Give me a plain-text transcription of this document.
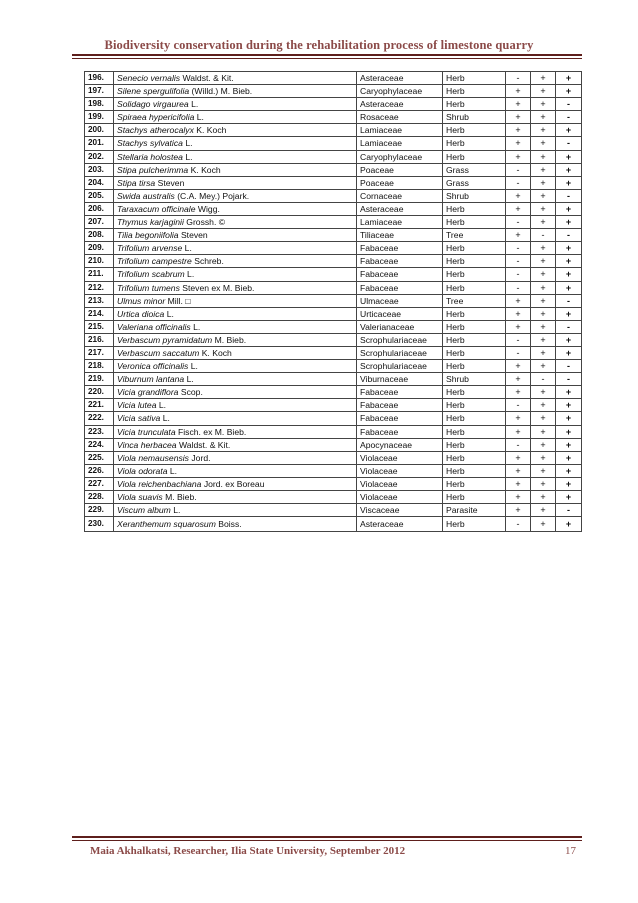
Biodiversity conservation during the rehabilitation process of limestone quarry
196.	Senecio vernalis Waldst. & Kit.	Asteraceae	Herb	-	+	+
197.	Silene spergulifolia (Willd.) M. Bieb.	Caryophylaceae	Herb	+	+	+
198.	Solidago virgaurea L.	Asteraceae	Herb	+	+	-
199.	Spiraea hypericifolia L.	Rosaceae	Shrub	+	+	-
200.	Stachys atherocalyx K. Koch	Lamiaceae	Herb	+	+	+
201.	Stachys sylvatica L.	Lamiaceae	Herb	+	+	-
202.	Stellaria holostea L.	Caryophylaceae	Herb	+	+	+
203.	Stipa pulcherimma K. Koch	Poaceae	Grass	-	+	+
204.	Stipa tirsa Steven	Poaceae	Grass	-	+	+
205.	Swida australis (C.A. Mey.) Pojark.	Cornaceae	Shrub	+	+	-
206.	Taraxacum officinale Wigg.	Asteraceae	Herb	+	+	+
207.	Thymus karjaginii Grossh. ©	Lamiaceae	Herb	-	+	+
208.	Tilia begoniifolia Steven	Tiliaceae	Tree	+	-	-
209.	Trifolium arvense L.	Fabaceae	Herb	-	+	+
210.	Trifolium campestre Schreb.	Fabaceae	Herb	-	+	+
211.	Trifolium scabrum L.	Fabaceae	Herb	-	+	+
212.	Trifolium tumens Steven ex M. Bieb.	Fabaceae	Herb	-	+	+
213.	Ulmus minor Mill. □	Ulmaceae	Tree	+	+	-
214.	Urtica dioica L.	Urticaceae	Herb	+	+	+
215.	Valeriana officinalis L.	Valerianaceae	Herb	+	+	-
216.	Verbascum pyramidatum M. Bieb.	Scrophulariaceae	Herb	-	+	+
217.	Verbascum saccatum K. Koch	Scrophulariaceae	Herb	-	+	+
218.	Veronica officinalis L.	Scrophulariaceae	Herb	+	+	-
219.	Viburnum lantana L.	Viburnaceae	Shrub	+	-	-
220.	Vicia grandiflora Scop.	Fabaceae	Herb	+	+	+
221.	Vicia lutea L.	Fabaceae	Herb	-	+	+
222.	Vicia sativa L.	Fabaceae	Herb	+	+	+
223.	Vicia trunculata Fisch. ex M. Bieb.	Fabaceae	Herb	+	+	+
224.	Vinca herbacea Waldst. & Kit.	Apocynaceae	Herb	-	+	+
225.	Viola nemausensis Jord.	Violaceae	Herb	+	+	+
226.	Viola odorata L.	Violaceae	Herb	+	+	+
227.	Viola reichenbachiana Jord. ex Boreau	Violaceae	Herb	+	+	+
228.	Viola suavis M. Bieb.	Violaceae	Herb	+	+	+
229.	Viscum album L.	Viscaceae	Parasite	+	+	-
230.	Xeranthemum squarosum Boiss.	Asteraceae	Herb	-	+	+
Maia Akhalkatsi, Researcher, Ilia State University, September 2012	17
